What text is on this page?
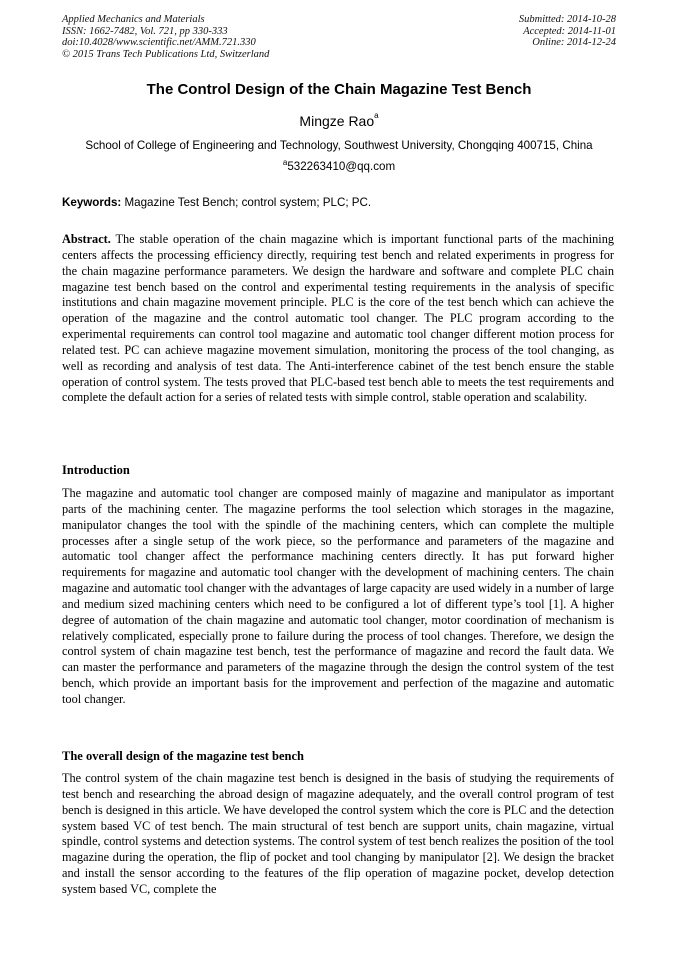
Applied Mechanics and Materials
ISSN: 1662-7482, Vol. 721, pp 330-333
doi:10.4028/www.scientific.net/AMM.721.330
© 2015 Trans Tech Publications Ltd, Switzerland
Submitted: 2014-10-28
Accepted: 2014-11-01
Online: 2014-12-24
The Control Design of the Chain Magazine Test Bench
Mingze Rao$^a$
School of College of Engineering and Technology, Southwest University, Chongqing 400715, China
$^a$532263410@qq.com
Keywords: Magazine Test Bench; control system; PLC; PC.

Abstract. The stable operation of the chain magazine which is important functional parts of the machining centers affects the processing efficiency directly, requiring test bench and related experiments in progress for the chain magazine performance parameters. We design the hardware and software and complete PLC chain magazine test bench based on the control and experimental testing requirements in the analysis of specific institutions and chain magazine movement principle. PLC is the core of the test bench which can achieve the operation of the magazine and the control automatic tool changer. The PLC program according to the experimental requirements can control tool magazine and automatic tool changer different motion process for related test. PC can achieve magazine movement simulation, monitoring the process of the tool changing, as well as recording and analysis of test data. The Anti-interference cabinet of the test bench ensure the stable operation of control system. The tests proved that PLC-based test bench able to meets the test requirements and complete the default action for a series of related tests with simple control, stable operation and scalability.

Introduction

The magazine and automatic tool changer are composed mainly of magazine and manipulator as important parts of the machining center. The magazine performs the tool selection which storages in the magazine, manipulator changes the tool with the spindle of the machining centers, which can complete the multiple processes after a single setup of the work piece, so the performance and parameters of the magazine and automatic tool changer affect the performance machining centers directly. It has put forward higher requirements for magazine and automatic tool changer with the development of machining centers. The chain magazine and automatic tool changer with the advantages of large capacity are used widely in a number of large and medium sized machining centers which need to be configured a lot of different type’s tool [1]. A higher degree of automation of the chain magazine and automatic tool changer, motor coordination of mechanism is relatively complicated, especially prone to failure during the process of tool changes. Therefore, we design the control system of chain magazine test bench, test the performance of magazine and record the fault data. We can master the performance and parameters of the magazine through the design the control system of the test bench, which provide an important basis for the improvement and perfection of the magazine and automatic tool changer.

The overall design of the magazine test bench

The control system of the chain magazine test bench is designed in the basis of studying the requirements of test bench and researching the abroad design of magazine adequately, and the overall control program of test bench is designed in this article. We have developed the control system which the core is PLC and the detection system based VC of test bench. The main structural of test bench are support units, chain magazine, virtual spindle, control systems and detection systems. The control system of test bench realizes the position of the tool magazine during the operation, the flip of pocket and tool changing by manipulator [2]. We design the bracket and install the sensor according to the features of the flip operation of magazine pocket, develop detection system based VC, complete the
